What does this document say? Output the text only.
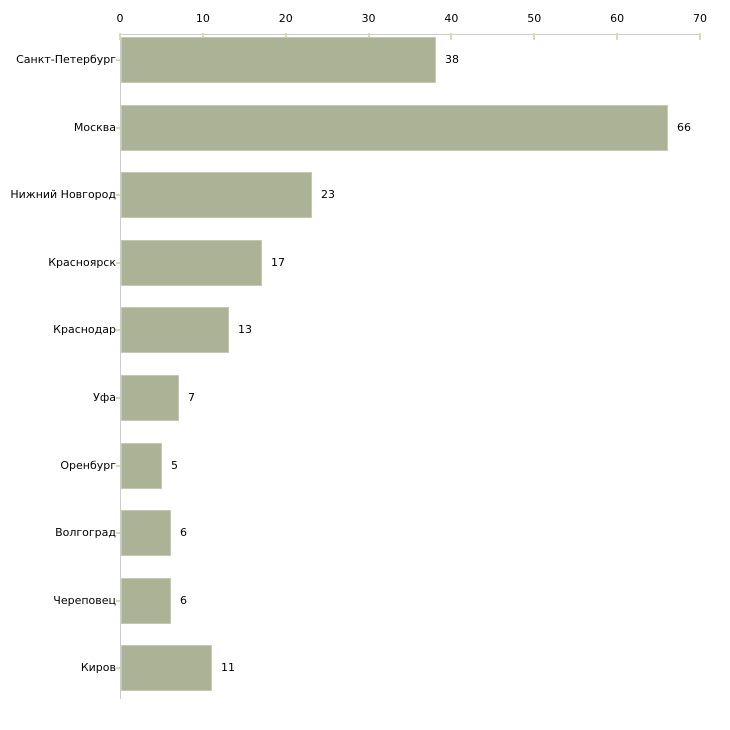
0	10	20	30	40	50	60	70
Санкт-Петербург	38
Москва	66
Нижний Новгород	23
Красноярск	17
Краснодар	13
Уфа	7
Оренбург	5
Волгоград	6
Череповец	6
Киров	11
